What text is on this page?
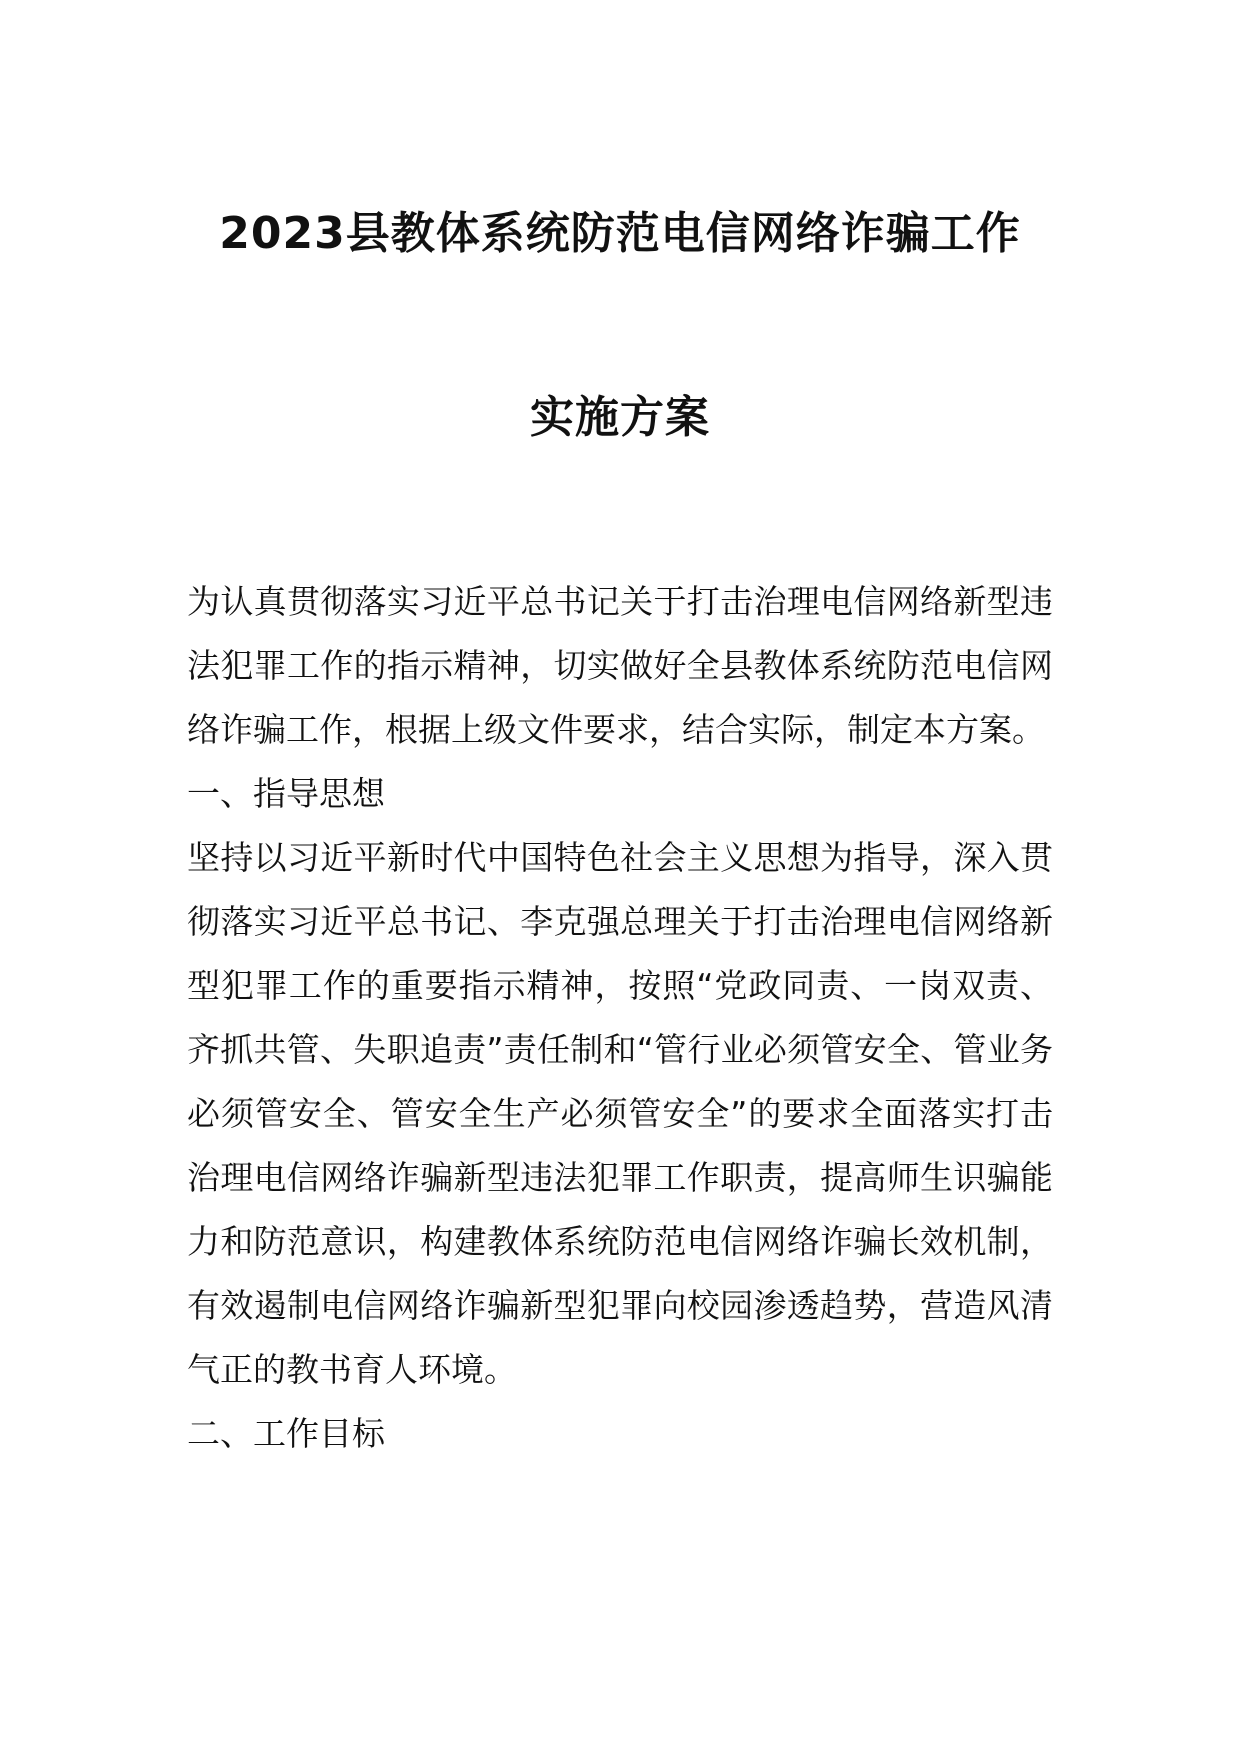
2023县教体系统防范电信网络诈骗工作
实施方案

为认真贯彻落实习近平总书记关于打击治理电信网络新型违法犯罪工作的指示精神，切实做好全县教体系统防范电信网络诈骗工作，根据上级文件要求，结合实际，制定本方案。

一、指导思想

坚持以习近平新时代中国特色社会主义思想为指导，深入贯彻落实习近平总书记、李克强总理关于打击治理电信网络新型犯罪工作的重要指示精神，按照“党政同责、一岗双责、齐抓共管、失职追责”责任制和“管行业必须管安全、管业务必须管安全、管安全生产必须管安全”的要求全面落实打击治理电信网络诈骗新型违法犯罪工作职责，提高师生识骗能力和防范意识，构建教体系统防范电信网络诈骗长效机制，有效遏制电信网络诈骗新型犯罪向校园渗透趋势，营造风清气正的教书育人环境。

二、工作目标
